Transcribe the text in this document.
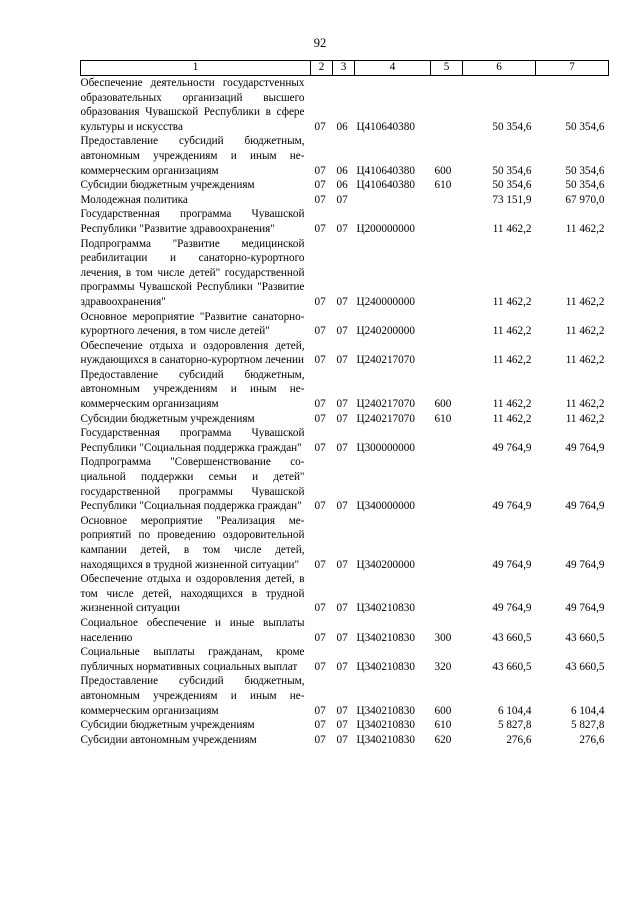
92
1	2	3	4	5	6	7
Обеспечение деятельности государстvенных образовательных организаций высшего образования Чувашской Республики в сфере культуры и искусства	07	06	Ц410640380		50 354,6	50 354,6
Предоставление субсидий бюджетным, автономным учреждениям и иным некоммерческим организациям	07	06	Ц410640380	600	50 354,6	50 354,6
Субсидии бюджетным учреждениям	07	06	Ц410640380	610	50 354,6	50 354,6
Молодежная политика	07	07			73 151,9	67 970,0
Государственная программа Чувашской Республики "Развитие здравоохранения"	07	07	Ц200000000		11 462,2	11 462,2
Подпрограмма "Развитие медицинской реабилитации и санаторно-курортного лечения, в том числе детей" государственной программы Чувашской Республики "Развитие здравоохранения"	07	07	Ц240000000		11 462,2	11 462,2
Основное мероприятие "Развитие санаторно-курортного лечения, в том числе детей"	07	07	Ц240200000		11 462,2	11 462,2
Обеспечение отдыха и оздоровления детей, нуждающихся в санаторно-курортном лечении	07	07	Ц240217070		11 462,2	11 462,2
Предоставление субсидий бюджетным, автономным учреждениям и иным некоммерческим организациям	07	07	Ц240217070	600	11 462,2	11 462,2
Субсидии бюджетным учреждениям	07	07	Ц240217070	610	11 462,2	11 462,2
Государственная программа Чувашской Республики "Социальная поддержка граждан"	07	07	Ц300000000		49 764,9	49 764,9
Подпрограмма "Совершенствование социальной поддержки семьи и детей" государственной программы Чувашской Республики "Социальная поддержка граждан"	07	07	Ц340000000		49 764,9	49 764,9
Основное мероприятие "Реализация мероприятий по проведению оздоровительной кампании детей, в том числе детей, находящихся в трудной жизненной ситуации"	07	07	Ц340200000		49 764,9	49 764,9
Обеспечение отдыха и оздоровления детей, в том числе детей, находящихся в трудной жизненной ситуации	07	07	Ц340210830		49 764,9	49 764,9
Социальное обеспечение и иные выплаты населению	07	07	Ц340210830	300	43 660,5	43 660,5
Социальные выплаты гражданам, кроме публичных нормативных социальных выплат	07	07	Ц340210830	320	43 660,5	43 660,5
Предоставление субсидий бюджетным, автономным учреждениям и иным некоммерческим организациям	07	07	Ц340210830	600	6 104,4	6 104,4
Субсидии бюджетным учреждениям	07	07	Ц340210830	610	5 827,8	5 827,8
Субсидии автономным учреждениям	07	07	Ц340210830	620	276,6	276,6
